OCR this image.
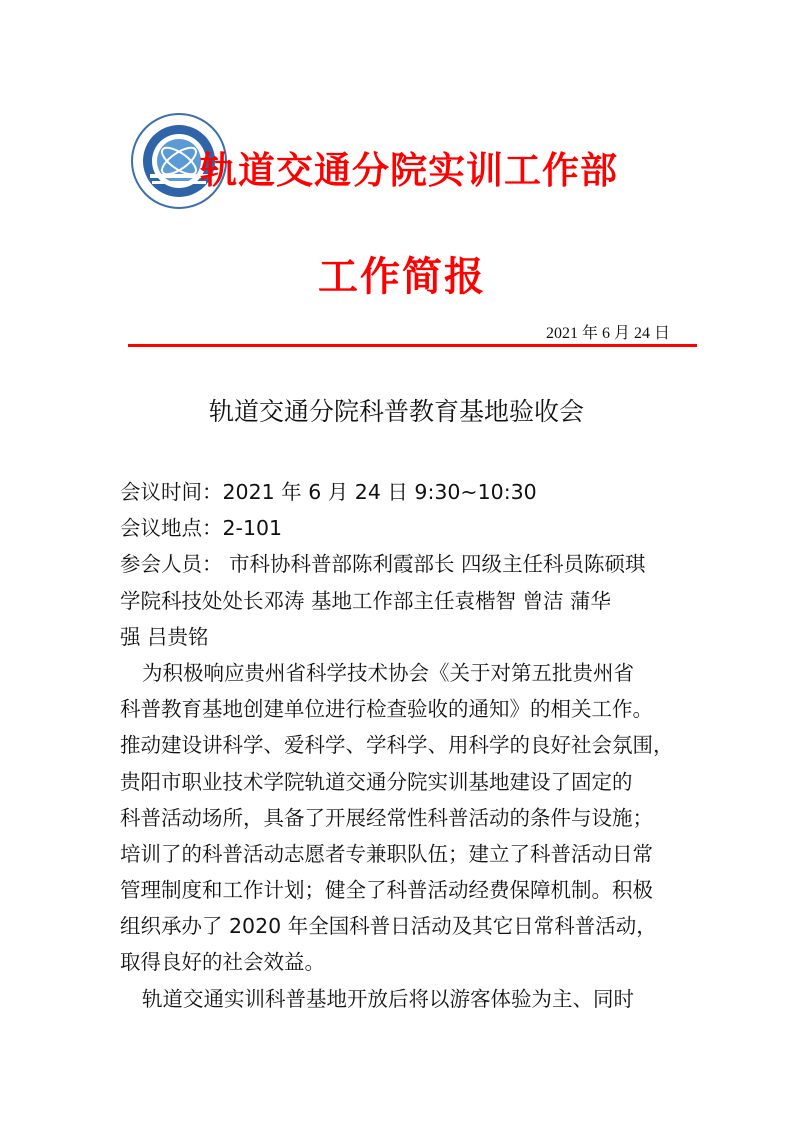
轨道交通分院实训工作部
工作简报
2021 年 6 月 24 日
轨道交通分院科普教育基地验收会
会议时间：2021 年 6 月 24 日 9:30~10:30
会议地点：2-101
参会人员： 市科协科普部陈利霞部长 四级主任科员陈硕琪
学院科技处处长邓涛 基地工作部主任袁楷智 曾洁 蒲华
强 吕贵铭
为积极响应贵州省科学技术协会《关于对第五批贵州省
科普教育基地创建单位进行检查验收的通知》的相关工作。
推动建设讲科学、爱科学、学科学、用科学的良好社会氛围，
贵阳市职业技术学院轨道交通分院实训基地建设了固定的
科普活动场所，具备了开展经常性科普活动的条件与设施；
培训了的科普活动志愿者专兼职队伍；建立了科普活动日常
管理制度和工作计划；健全了科普活动经费保障机制。积极
组织承办了 2020 年全国科普日活动及其它日常科普活动，
取得良好的社会效益。
轨道交通实训科普基地开放后将以游客体验为主、同时
